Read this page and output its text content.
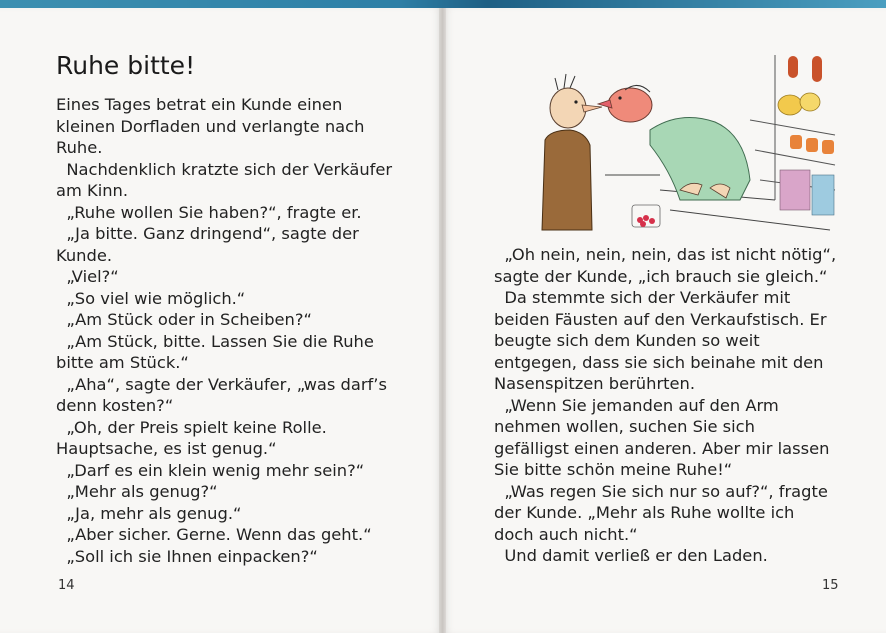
Ruhe bitte!
Eines Tages betrat ein Kunde einen
kleinen Dorfladen und verlangte nach
Ruhe.
Nachdenklich kratzte sich der Verkäufer
am Kinn.
„Ruhe wollen Sie haben?“, fragte er.
„Ja bitte. Ganz dringend“, sagte der
Kunde.
„Viel?“
„So viel wie möglich.“
„Am Stück oder in Scheiben?“
„Am Stück, bitte. Lassen Sie die Ruhe
bitte am Stück.“
„Aha“, sagte der Verkäufer, „was darf’s
denn kosten?“
„Oh, der Preis spielt keine Rolle.
Hauptsache, es ist genug.“
„Darf es ein klein wenig mehr sein?“
„Mehr als genug?“
„Ja, mehr als genug.“
„Aber sicher. Gerne. Wenn das geht.“
„Soll ich sie Ihnen einpacken?“
14
„Oh nein, nein, nein, das ist nicht nötig“,
sagte der Kunde, „ich brauch sie gleich.“
Da stemmte sich der Verkäufer mit
beiden Fäusten auf den Verkaufstisch. Er
beugte sich dem Kunden so weit
entgegen, dass sie sich beinahe mit den
Nasenspitzen berührten.
„Wenn Sie jemanden auf den Arm
nehmen wollen, suchen Sie sich
gefälligst einen anderen. Aber mir lassen
Sie bitte schön meine Ruhe!“
„Was regen Sie sich nur so auf?“, fragte
der Kunde. „Mehr als Ruhe wollte ich
doch auch nicht.“
Und damit verließ er den Laden.
15
